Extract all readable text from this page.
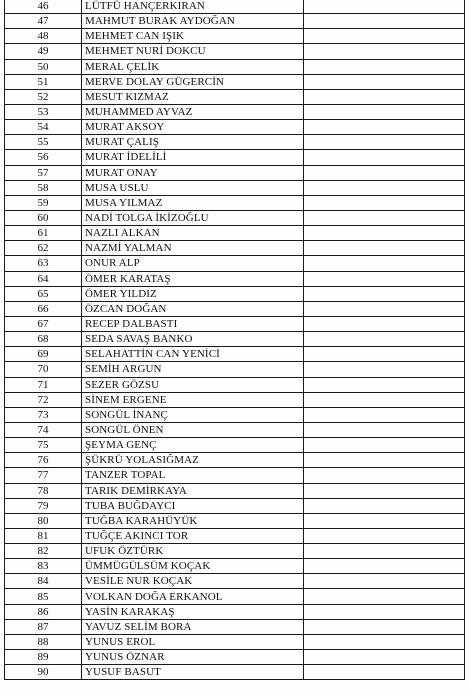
46	LÜTFÜ HANÇERKIRAN	
47	MAHMUT BURAK AYDOĞAN	
48	MEHMET CAN IŞIK	
49	MEHMET NURİ DOKCU	
50	MERAL ÇELİK	
51	MERVE DOLAY GÜGERCİN	
52	MESUT KIZMAZ	
53	MUHAMMED AYVAZ	
54	MURAT AKSOY	
55	MURAT ÇALIŞ	
56	MURAT İDELİLİ	
57	MURAT ONAY	
58	MUSA USLU	
59	MUSA YILMAZ	
60	NADİ TOLGA İKİZOĞLU	
61	NAZLI ALKAN	
62	NAZMİ YALMAN	
63	ONUR ALP	
64	ÖMER KARATAŞ	
65	ÖMER YILDIZ	
66	ÖZCAN DOĞAN	
67	RECEP DALBASTI	
68	SEDA SAVAŞ BANKO	
69	SELAHATTİN CAN YENİCİ	
70	SEMİH ARGUN	
71	SEZER GÖZSU	
72	SİNEM ERGENE	
73	SONGÜL İNANÇ	
74	SONGÜL ÖNEN	
75	ŞEYMA GENÇ	
76	ŞÜKRÜ YOLASIĞMAZ	
77	TANZER TOPAL	
78	TARIK DEMİRKAYA	
79	TUBA BUĞDAYCI	
80	TUĞBA KARAHÜYÜK	
81	TUĞÇE AKINCI TOR	
82	UFUK ÖZTÜRK	
83	ÜMMÜGÜLSÜM KOÇAK	
84	VESİLE NUR KOÇAK	
85	VOLKAN DOĞA ERKANOL	
86	YASİN KARAKAŞ	
87	YAVUZ SELİM BORA	
88	YUNUS EROL	
89	YUNUS ÖZNAR	
90	YUSUF BASUT	
